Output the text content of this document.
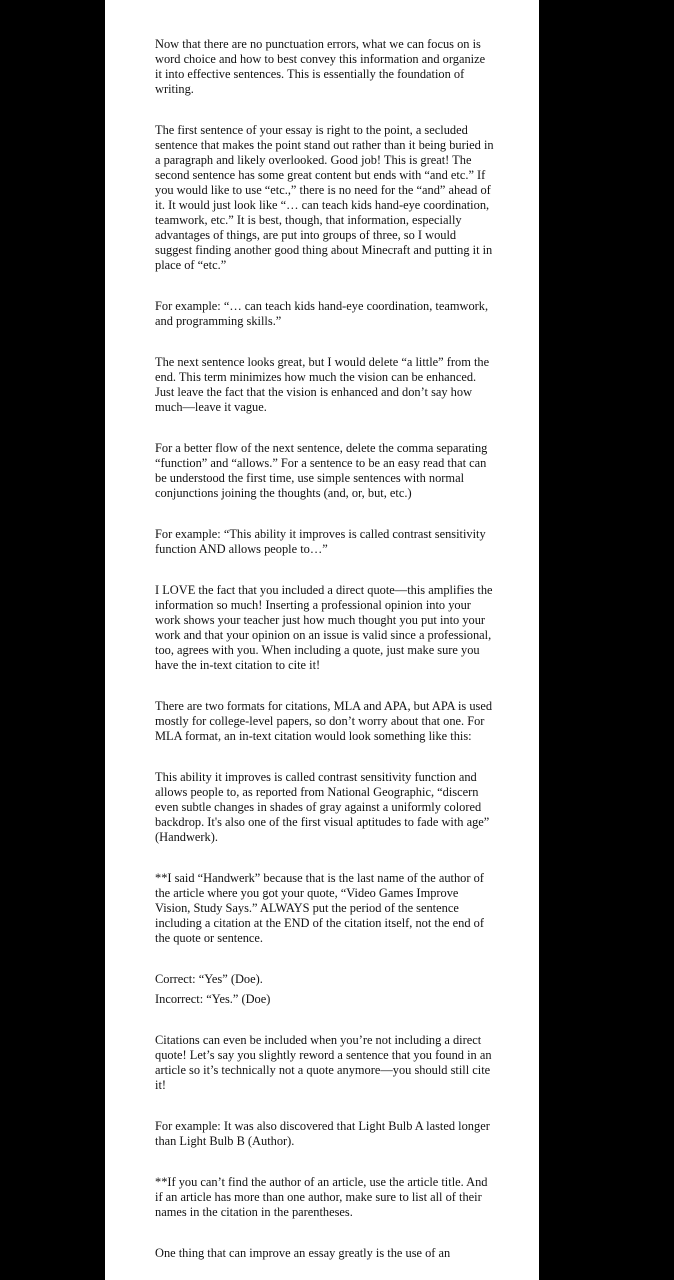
Now that there are no punctuation errors, what we can focus on is word choice and how to best convey this information and organize it into effective sentences. This is essentially the foundation of writing.

The first sentence of your essay is right to the point, a secluded sentence that makes the point stand out rather than it being buried in a paragraph and likely overlooked. Good job! This is great! The second sentence has some great content but ends with “and etc.” If you would like to use “etc.,” there is no need for the “and” ahead of it. It would just look like “… can teach kids hand-eye coordination, teamwork, etc.” It is best, though, that information, especially advantages of things, are put into groups of three, so I would suggest finding another good thing about Minecraft and putting it in place of “etc.”

For example: “… can teach kids hand-eye coordination, teamwork, and programming skills.”

The next sentence looks great, but I would delete “a little” from the end. This term minimizes how much the vision can be enhanced. Just leave the fact that the vision is enhanced and don’t say how much—leave it vague.

For a better flow of the next sentence, delete the comma separating “function” and “allows.” For a sentence to be an easy read that can be understood the first time, use simple sentences with normal conjunctions joining the thoughts (and, or, but, etc.)

For example: “This ability it improves is called contrast sensitivity function AND allows people to…”

I LOVE the fact that you included a direct quote—this amplifies the information so much! Inserting a professional opinion into your work shows your teacher just how much thought you put into your work and that your opinion on an issue is valid since a professional, too, agrees with you. When including a quote, just make sure you have the in-text citation to cite it!

There are two formats for citations, MLA and APA, but APA is used mostly for college-level papers, so don’t worry about that one. For MLA format, an in-text citation would look something like this:

This ability it improves is called contrast sensitivity function and allows people to, as reported from National Geographic, “discern even subtle changes in shades of gray against a uniformly colored backdrop. It's also one of the first visual aptitudes to fade with age” (Handwerk).

**I said “Handwerk” because that is the last name of the author of the article where you got your quote, “Video Games Improve Vision, Study Says.” ALWAYS put the period of the sentence including a citation at the END of the citation itself, not the end of the quote or sentence.

Correct: “Yes” (Doe).

Incorrect: “Yes.” (Doe)

Citations can even be included when you’re not including a direct quote! Let’s say you slightly reword a sentence that you found in an article so it’s technically not a quote anymore—you should still cite it!

For example: It was also discovered that Light Bulb A lasted longer than Light Bulb B (Author).

**If you can’t find the author of an article, use the article title. And if an article has more than one author, make sure to list all of their names in the citation in the parentheses.

One thing that can improve an essay greatly is the use of an
